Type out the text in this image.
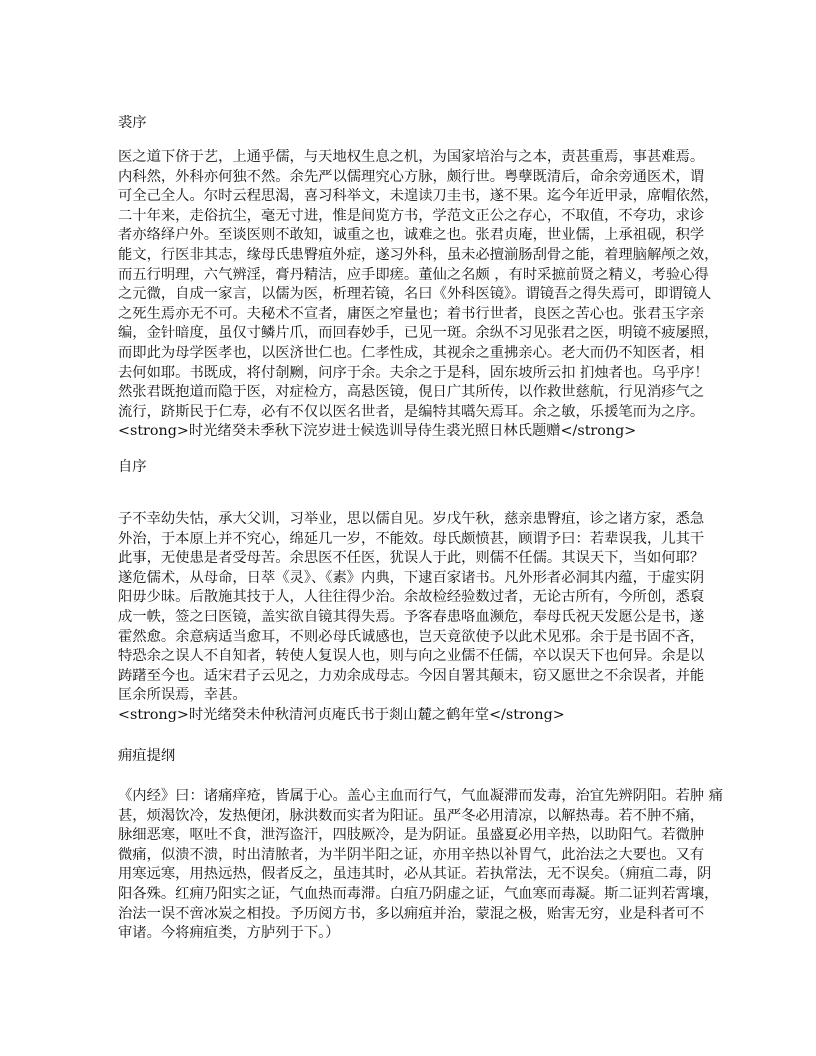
裘序
医之道下侪于艺，上通乎儒，与天地权生息之机，为国家培治与之本，责甚重焉，事甚难焉。
内科然，外科亦何独不然。余先严以儒理究心方脉，颇行世。粤孽既清后，命余旁通医术，谓
可全己全人。尔时云程思渴，喜习科举文，未遑读刀圭书，遂不果。迄今年近甲录，席帽依然，
二十年来，走俗抗尘，毫无寸进，惟是间览方书，学范文正公之存心，不取值，不夸功，求诊
者亦络绎户外。至谈医则不敢知，诚重之也，诚难之也。张君贞庵，世业儒，上承祖砚，积学
能文，行医非其志，缘母氏患臀疽外症，遂习外科，虽未必擅湔肠刮骨之能，着理脑解颅之效，
而五行明理，六气辨淫，膏丹精洁，应手即瘥。董仙之名颇 ，有时采摭前贤之精义，考验心得
之元微，自成一家言，以儒为医，析理若镜，名曰《外科医镜》。谓镜吾之得失焉可，即谓镜人
之死生焉亦无不可。夫秘术不宣者，庸医之窄量也；着书行世者，良医之苦心也。张君玉字亲
编，金针暗度，虽仅寸鳞片爪，而回春妙手，已见一斑。余纵不习见张君之医，明镜不疲屡照，
而即此为母学医孝也，以医济世仁也。仁孝性成，其视余之重拂亲心。老大而仍不知医者，相
去何如耶。书既成，将付剞劂，问序于余。夫余之于是科，固东坡所云扣 扪烛者也。乌乎序！
然张君既抱道而隐于医，对症检方，高悬医镜，俔日广其所传，以作救世慈航，行见消疹气之
流行，跻斯民于仁寿，必有不仅以医名世者，是编特其嚆矢焉耳。余之敏，乐援笔而为之序。
<strong>时光绪癸未季秋下浣岁进士候选训导侍生裘光照日林氏题赠</strong>
自序
子不幸幼失怙，承大父训，习举业，思以儒自见。岁戊午秋，慈亲患臀疽，诊之诸方家，悉急
外治，于本原上并不究心，绵延几一岁，不能效。母氏颇愤甚，顾谓予曰：若辈误我，儿其干
此事，无使患是者受母苦。余思医不任医，犹误人于此，则儒不任儒。其误天下，当如何耶？
遂危儒术，从母命，日萃《灵》、《素》内典，下逮百家诸书。凡外形者必洞其内蕴，于虚实阴
阳毋少昧。后散施其技于人，人往往得少治。余故检经验数过者，无论古所有，今所创，悉裒
成一帙，签之曰医镜，盖实欲自镜其得失焉。予客春患咯血濒危，奉母氏祝天发愿公是书，遂
霍然愈。余意病适当愈耳，不则必母氏诚感也，岂天竟欲使予以此术见邪。余于是书固不吝，
特恐余之误人不自知者，转使人复误人也，则与向之业儒不任儒，卒以误天下也何异。余是以
踌躇至今也。适宋君子云见之，力劝余成母志。今因自署其颠末，窃又愿世之不余误者，并能
匡余所误焉，幸甚。
<strong>时光绪癸未仲秋清河贞庵氏书于剡山麓之鹤年堂</strong>
痈疽提纲
《内经》曰：诸痛痒疮，皆属于心。盖心主血而行气，气血凝滞而发毒，治宜先辨阴阳。若肿 痛
甚，烦渴饮冷，发热便闭，脉洪数而实者为阳证。虽严冬必用清凉，以解热毒。若不肿不痛，
脉细恶寒，呕吐不食，泄泻盗汗，四肢厥冷，是为阴证。虽盛夏必用辛热，以助阳气。若微肿
微痛，似溃不溃，时出清脓者，为半阴半阳之证，亦用辛热以补胃气，此治法之大要也。又有
用寒远寒，用热远热，假者反之，虽违其时，必从其证。若执常法，无不误矣。（痈疽二毒，阴
阳各殊。红痈乃阳实之证，气血热而毒滞。白疽乃阴虚之证，气血寒而毒凝。斯二证判若霄壤，
治法一误不啻冰炭之相投。予历阅方书，多以痈疽并治，蒙混之极，贻害无穷，业是科者可不
审诸。今将痈疽类，方胪列于下。）
